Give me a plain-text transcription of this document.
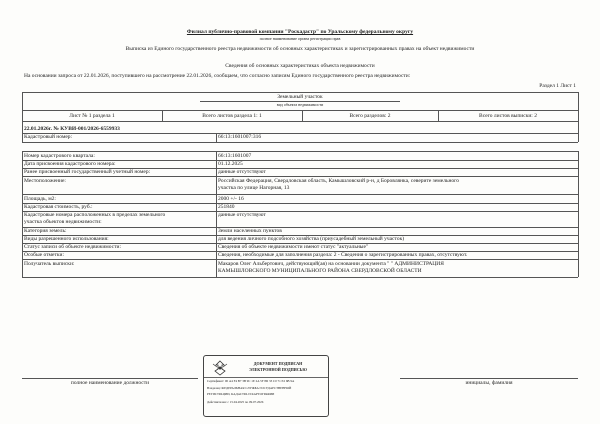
Филиал публично-правовой компании "Роскадастр" по Уральскому федеральному округу
полное наименование органа регистрации прав
Выписка из Единого государственного реестра недвижимости об основных характеристиках и зарегистрированных правах на объект недвижимости
Сведения об основных характеристиках объекта недвижимости
На основании запроса от 22.01.2026, поступившего на рассмотрение 22.01.2026, сообщаем, что согласно записям Единого государственного реестра недвижимости:
Раздел 1 Лист 1
Земельный участок
вид объекта недвижимости
Лист № 1 раздела 1	Всего листов раздела 1: 1	Всего разделов: 2	Всего листов выписки: 2
22.01.2026г. № КУВИ-001/2026-6559933
Кадастровый номер:	66:13:1601007:316
Номер кадастрового квартала:	66:13:1601007
Дата присвоения кадастрового номера:	01.12.2025
Ранее присвоенный государственный учетный номер:	данные отсутствуют
Местоположение:	Российская Федерация, Свердловская область, Камышловский р-н, д Боровлянка, северите земельного
участка по улице Нагорная, 13
Площадь, м2:	2000 +/- 16
Кадастровая стоимость, руб.:	251840
Кадастровые номера расположенных в пределах земельного
участка объектов недвижимости:
данные отсутствуют
Категория земель:	Земли населенных пунктов
Виды разрешенного использования:	для ведения личного подсобного хозяйства (приусадебный земельный участок)
Статус записи об объекте недвижимости:	Сведения об объекте недвижимости имеют статус "актуальные"
Особые отметки:	Сведения, необходимые для заполнения раздела: 2 - Сведения о зарегистрированных правах, отсутствуют.
Получатель выписки:	Макаров Олег Альбертович, действующий(ая) на основании документа " " АДМИНИСТРАЦИЯ
КАМЫШЛОВСКОГО МУНИЦИПАЛЬНОГО РАЙОНА СВЕРДЛОВСКОЙ ОБЛАСТИ
полное наименование должности	инициалы, фамилия
ДОКУМЕНТ ПОДПИСАН
ЭЛЕКТРОННОЙ ПОДПИСЬЮ
Сертификат: 00 A4 F4 B7 3B 9C 1E 2A 5F 8D 33 C0 71 E2 6B 9A
Владелец: ФЕДЕРАЛЬНАЯ СЛУЖБА ГОСУДАРСТВЕННОЙ
РЕГИСТРАЦИИ, КАДАСТРА И КАРТОГРАФИИ
Действителен: с 15.04.2025 по 09.07.2026
